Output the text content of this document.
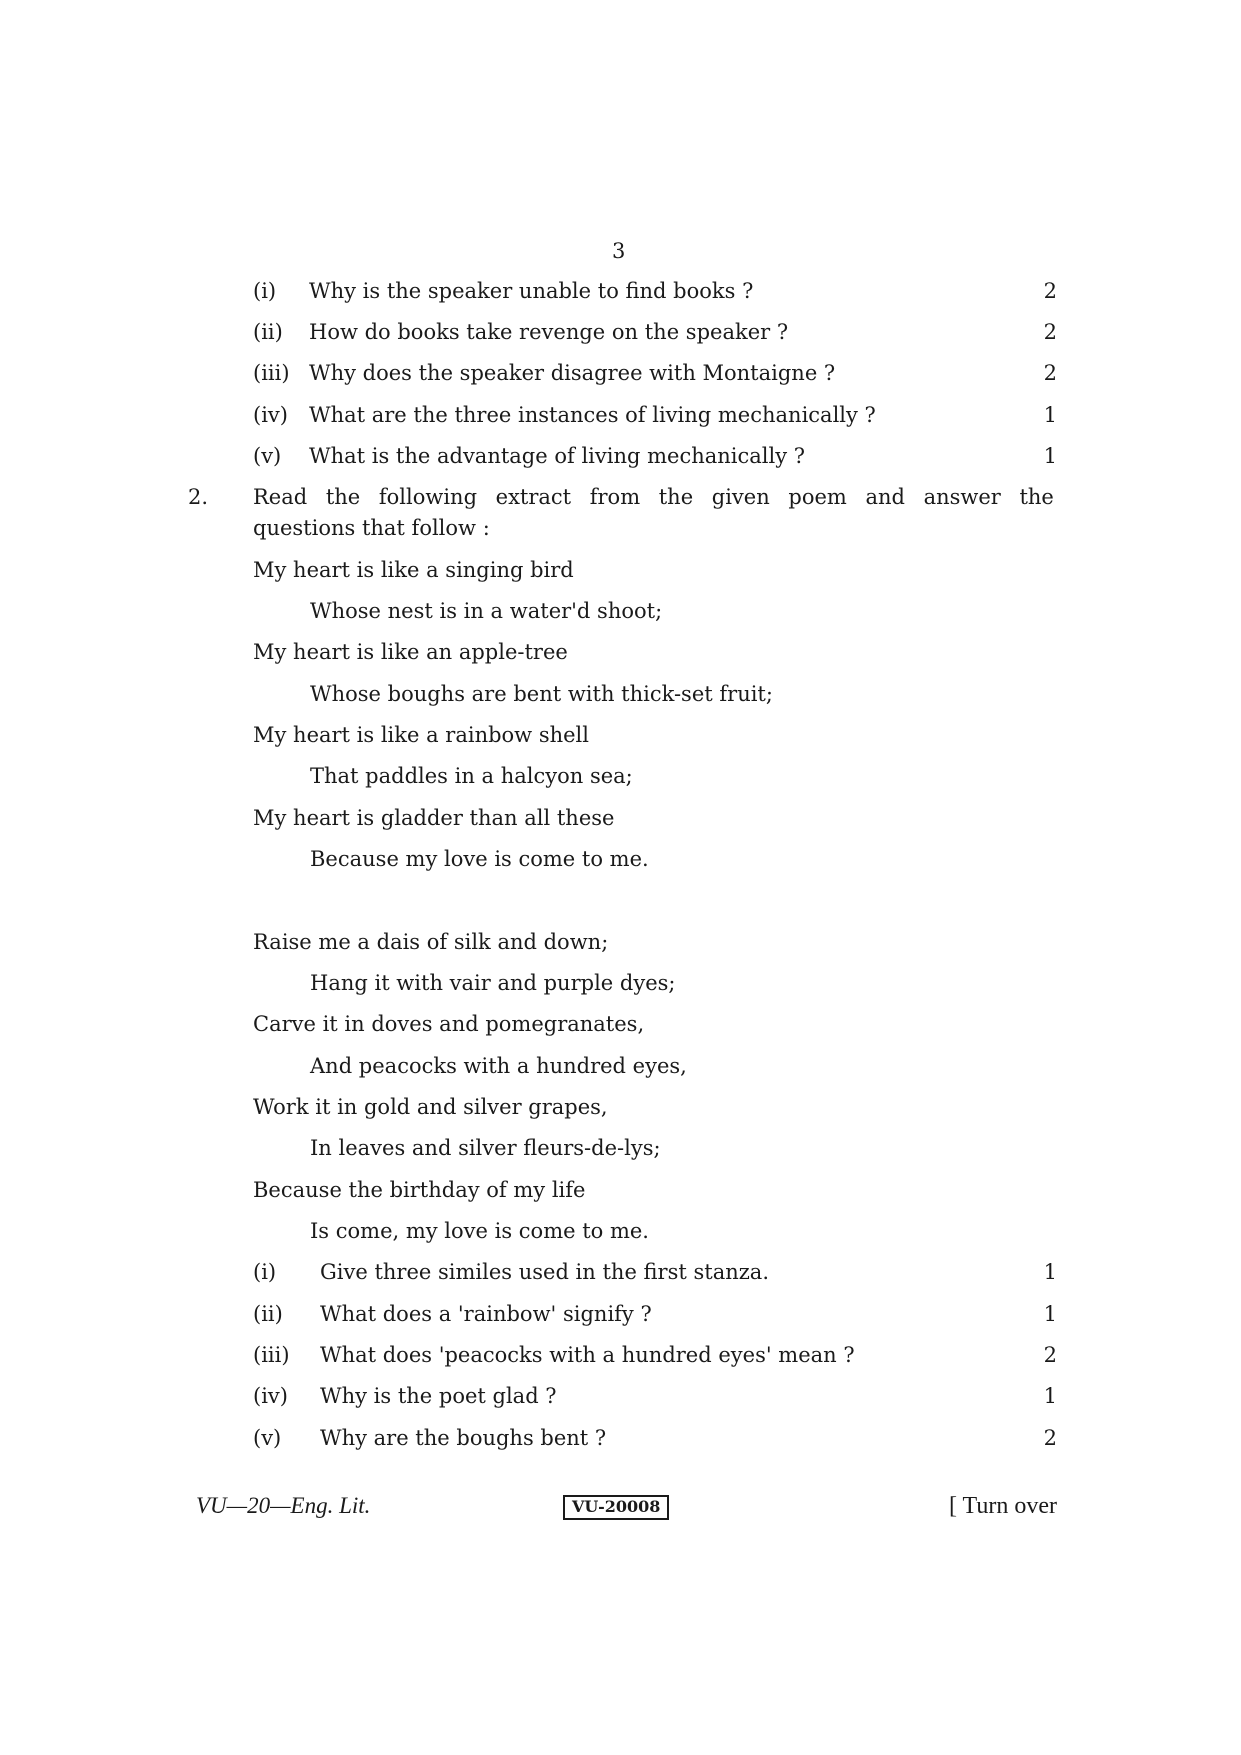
3
(i) Why is the speaker unable to find books ?	2
(ii) How do books take revenge on the speaker ?	2
(iii) Why does the speaker disagree with Montaigne ?	2
(iv) What are the three instances of living mechanically ?	1
(v) What is the advantage of living mechanically ?	1
2. Read the following extract from the given poem and answer the
questions that follow :
My heart is like a singing bird
Whose nest is in a water'd shoot;
My heart is like an apple-tree
Whose boughs are bent with thick-set fruit;
My heart is like a rainbow shell
That paddles in a halcyon sea;
My heart is gladder than all these
Because my love is come to me.
Raise me a dais of silk and down;
Hang it with vair and purple dyes;
Carve it in doves and pomegranates,
And peacocks with a hundred eyes,
Work it in gold and silver grapes,
In leaves and silver fleurs-de-lys;
Because the birthday of my life
Is come, my love is come to me.
(i) Give three similes used in the first stanza.	1
(ii) What does a 'rainbow' signify ?	1
(iii) What does 'peacocks with a hundred eyes' mean ?	2
(iv) Why is the poet glad ?	1
(v) Why are the boughs bent ?	2
VU—20—Eng. Lit.	VU-20008	[ Turn over
